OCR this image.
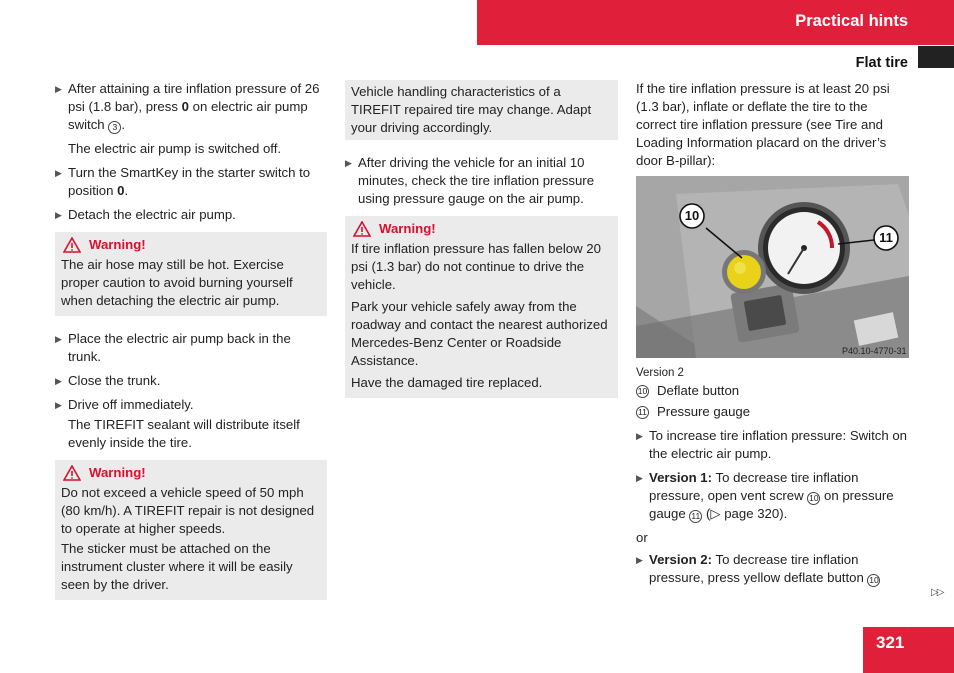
Practical hints
Flat tire
▶ After attaining a tire inflation pressure of 26 psi (1.8 bar), press 0 on electric air pump switch 3 .
The electric air pump is switched off.
▶ Turn the SmartKey in the starter switch to position 0.
▶ Detach the electric air pump.
Warning!

The air hose may still be hot. Exercise proper caution to avoid burning yourself when detaching the electric air pump.

▶ Place the electric air pump back in the trunk.
▶ Close the trunk.
▶ Drive off immediately.
The TIREFIT sealant will distribute itself evenly inside the tire.
Warning!

Do not exceed a vehicle speed of 50 mph (80 km/h). A TIREFIT repair is not designed to operate at higher speeds.

The sticker must be attached on the instrument cluster where it will be easily seen by the driver.

Vehicle handling characteristics of a TIREFIT repaired tire may change. Adapt your driving accordingly.
▶ After driving the vehicle for an initial 10 minutes, check the tire inflation pressure using pressure gauge on the air pump.
Warning!

If tire inflation pressure has fallen below 20 psi (1.3 bar) do not continue to drive the vehicle.

Park your vehicle safely away from the roadway and contact the nearest authorized Mercedes-Benz Center or Roadside Assistance.

Have the damaged tire replaced.

If the tire inflation pressure is at least 20 psi (1.3 bar), inflate or deflate the tire to the correct tire inflation pressure (see Tire and Loading Information placard on the driver’s door B-pillar):
10
11
P40.10-4770-31
Version 2
10 Deflate button
11 Pressure gauge
▶ To increase tire inflation pressure: Switch on the electric air pump.
▶ Version 1: To decrease tire inflation pressure, open vent screw 10 on pressure gauge 11 (▷ page 320).
or
▶ Version 2: To decrease tire inflation pressure, press yellow deflate button 10
▷▷
321
